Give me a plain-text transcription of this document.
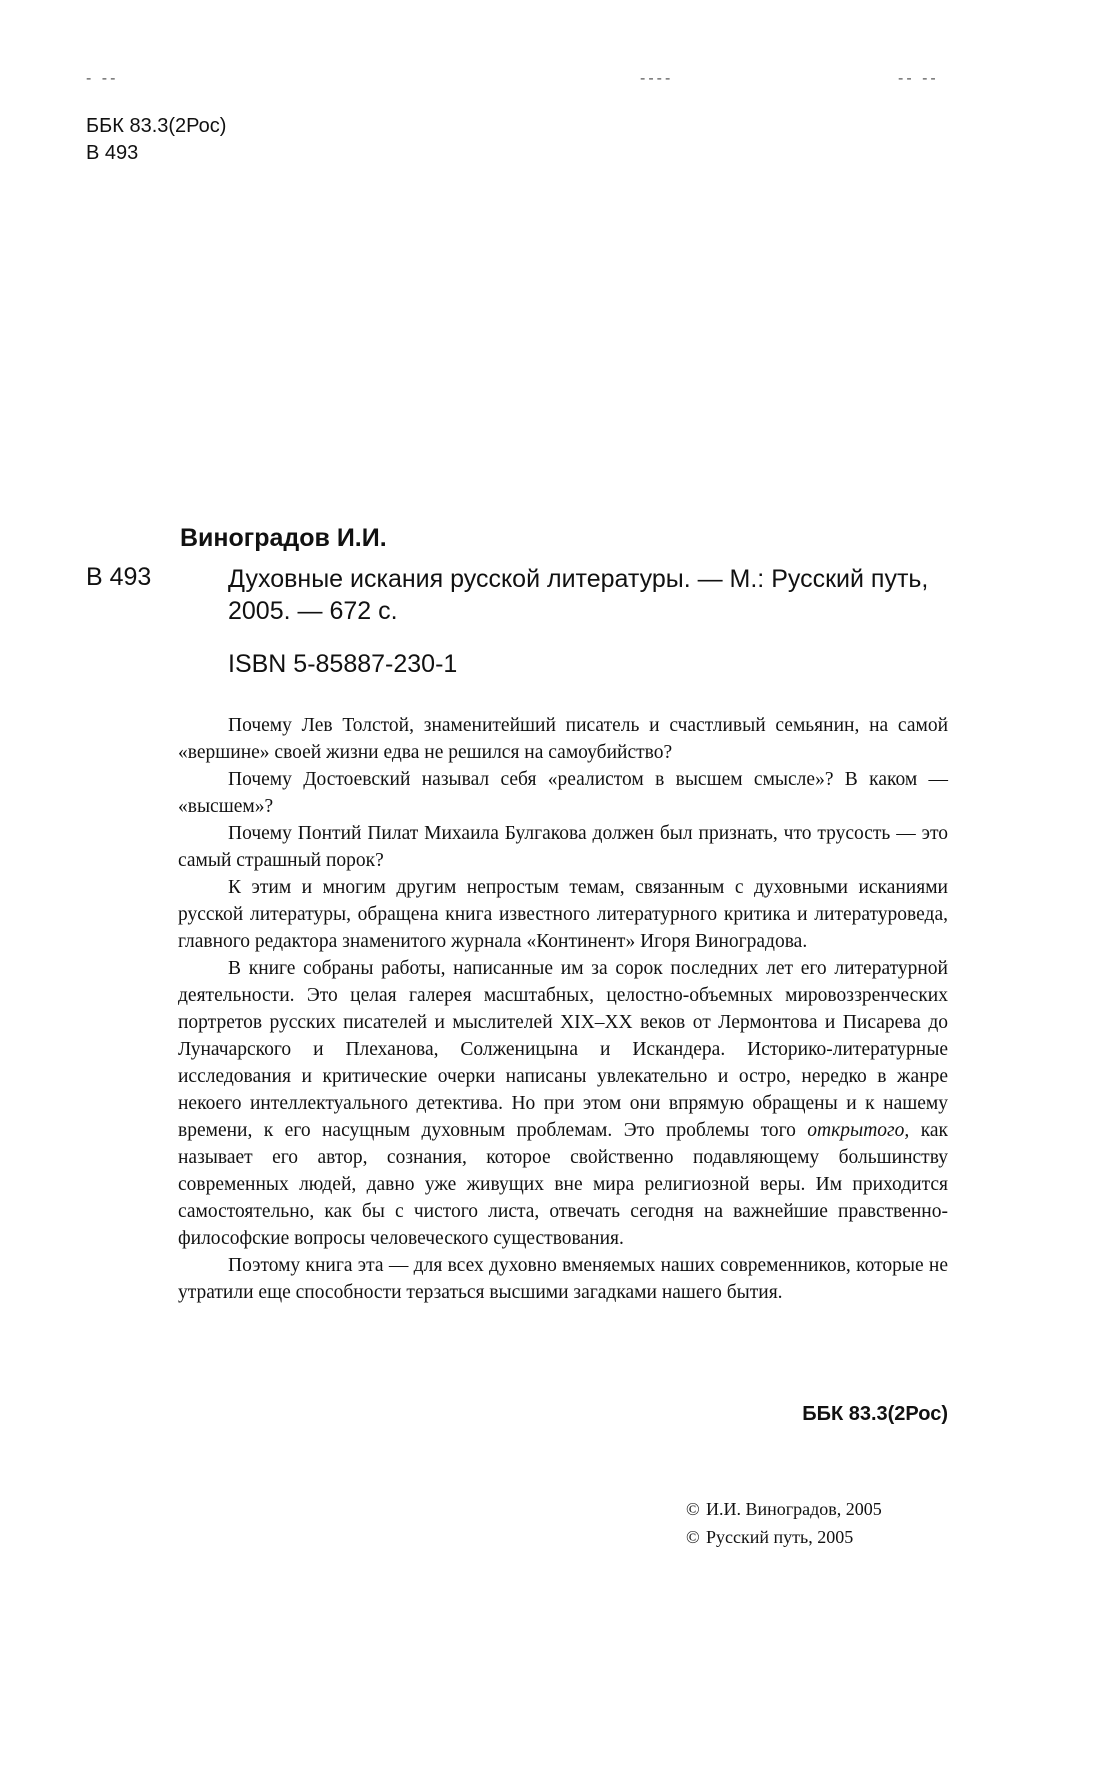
- --	----	-- --
ББК 83.3(2Рос)
В 493
Виноградов И.И.
В 493	Духовные искания русской литературы. — М.: Русский путь, 2005. — 672 с.

ISBN 5-85887-230-1

Почему Лев Толстой, знаменитейший писатель и счастливый семьянин, на самой «вершине» своей жизни едва не решился на самоубийство?

Почему Достоевский называл себя «реалистом в высшем смысле»? В каком — «высшем»?

Почему Понтий Пилат Михаила Булгакова должен был признать, что трусость — это самый страшный порок?

К этим и многим другим непростым темам, связанным с духовными исканиями русской литературы, обращена книга известного литературного критика и литературоведа, главного редактора знаменитого журнала «Континент» Игоря Виноградова.

В книге собраны работы, написанные им за сорок последних лет его литературной деятельности. Это целая галерея масштабных, целостно-объемных мировоззренческих портретов русских писателей и мыслителей XIX–XX веков от Лермонтова и Писарева до Луначарского и Плеханова, Солженицына и Искандера. Историко-литературные исследования и критические очерки написаны увлекательно и остро, нередко в жанре некоего интеллектуального детектива. Но при этом они впрямую обращены и к нашему времени, к его насущным духовным проблемам. Это проблемы того открытого, как называет его автор, сознания, которое свойственно подавляющему большинству современных людей, давно уже живущих вне мира религиозной веры. Им приходится самостоятельно, как бы с чистого листа, отвечать сегодня на важнейшие правственно-философские вопросы человеческого существования.

Поэтому книга эта — для всех духовно вменяемых наших современников, которые не утратили еще способности терзаться высшими загадками нашего бытия.

ББК 83.3(2Рос)
© И.И. Виноградов, 2005
© Русский путь, 2005
